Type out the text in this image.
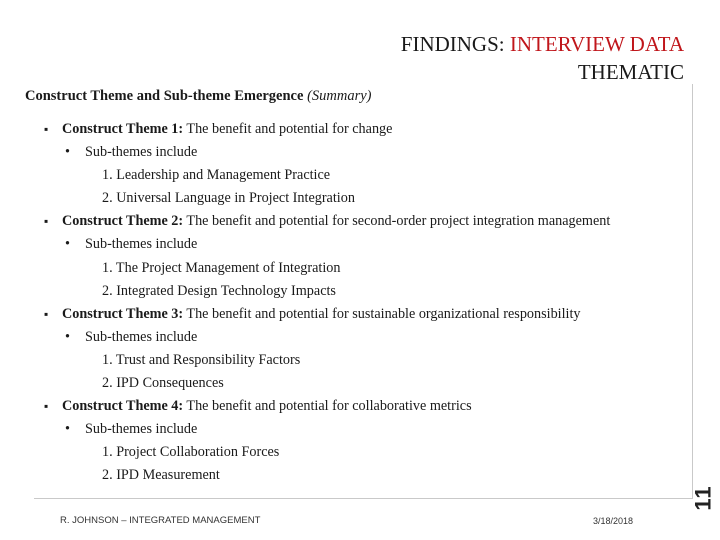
FINDINGS: INTERVIEW DATA
THEMATIC
Construct Theme and Sub-theme Emergence (Summary)
▪ Construct Theme 1: The benefit and potential for change
• Sub-themes include
1. Leadership and Management Practice
2. Universal Language in Project Integration
▪ Construct Theme 2: The benefit and potential for second-order project integration management
• Sub-themes include
1. The Project Management of Integration
2. Integrated Design Technology Impacts
▪ Construct Theme 3: The benefit and potential for sustainable organizational responsibility
• Sub-themes include
1. Trust and Responsibility Factors
2. IPD Consequences
▪ Construct Theme 4: The benefit and potential for collaborative metrics
• Sub-themes include
1. Project Collaboration Forces
2. IPD Measurement
R. JOHNSON – INTEGRATED MANAGEMENT	3/18/2018
11
